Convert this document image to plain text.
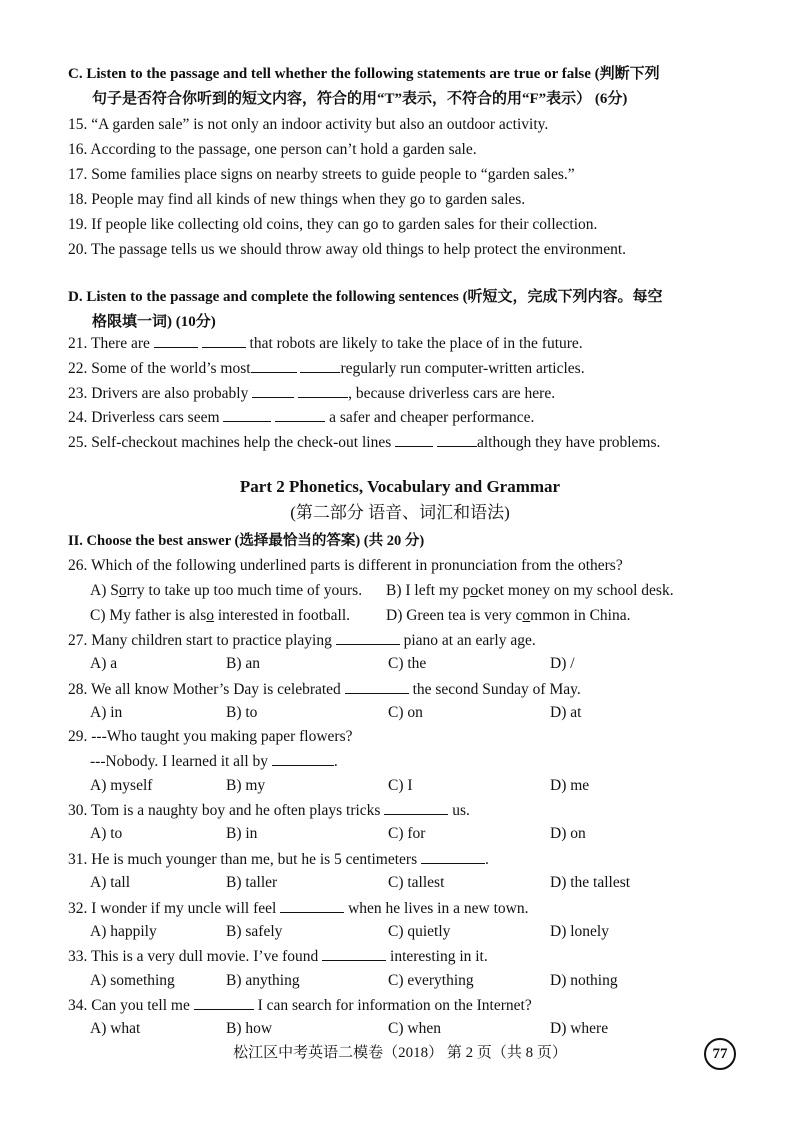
C. Listen to the passage and tell whether the following statements are true or false (判断下列
句子是否符合你听到的短文内容，符合的用“T”表示，不符合的用“F”表示） (6分)
15. “A garden sale” is not only an indoor activity but also an outdoor activity.
16. According to the passage, one person can’t hold a garden sale.
17. Some families place signs on nearby streets to guide people to “garden sales.”
18. People may find all kinds of new things when they go to garden sales.
19. If people like collecting old coins, they can go to garden sales for their collection.
20. The passage tells us we should throw away old things to help protect the environment.
D. Listen to the passage and complete the following sentences (听短文，完成下列内容。每空
格限填一词) (10分)
21. There are	that robots are likely to take the place of in the future.
22. Some of the world’s most	regularly run computer-written articles.
23. Drivers are also probably	, because driverless cars are here.
24. Driverless cars seem	a safer and cheaper performance.
25. Self-checkout machines help the check-out lines	although they have problems.
Part 2 Phonetics, Vocabulary and Grammar
(第二部分 语音、词汇和语法)
II. Choose the best answer (选择最恰当的答案) (共 20 分)
26. Which of the following underlined parts is different in pronunciation from the others?
A) Sorry to take up too much time of yours. B) I left my pocket money on my school desk.
C) My father is also interested in football. D) Green tea is very common in China.
27. Many children start to practice playing	piano at an early age.
A) a	B) an	C) the	D) /
28. We all know Mother’s Day is celebrated	the second Sunday of May.
A) in	B) to	C) on	D) at
29. ---Who taught you making paper flowers?
---Nobody. I learned it all by	.
A) myself	B) my	C) I	D) me
30. Tom is a naughty boy and he often plays tricks	us.
A) to	B) in	C) for	D) on
31. He is much younger than me, but he is 5 centimeters	.
A) tall	B) taller	C) tallest	D) the tallest
32. I wonder if my uncle will feel	when he lives in a new town.
A) happily	B) safely	C) quietly	D) lonely
33. This is a very dull movie. I’ve found	interesting in it.
A) something	B) anything	C) everything	D) nothing
34. Can you tell me	I can search for information on the Internet?
A) what	B) how	C) when	D) where
松江区中考英语二模卷（2018） 第 2 页（共 8 页）	77
